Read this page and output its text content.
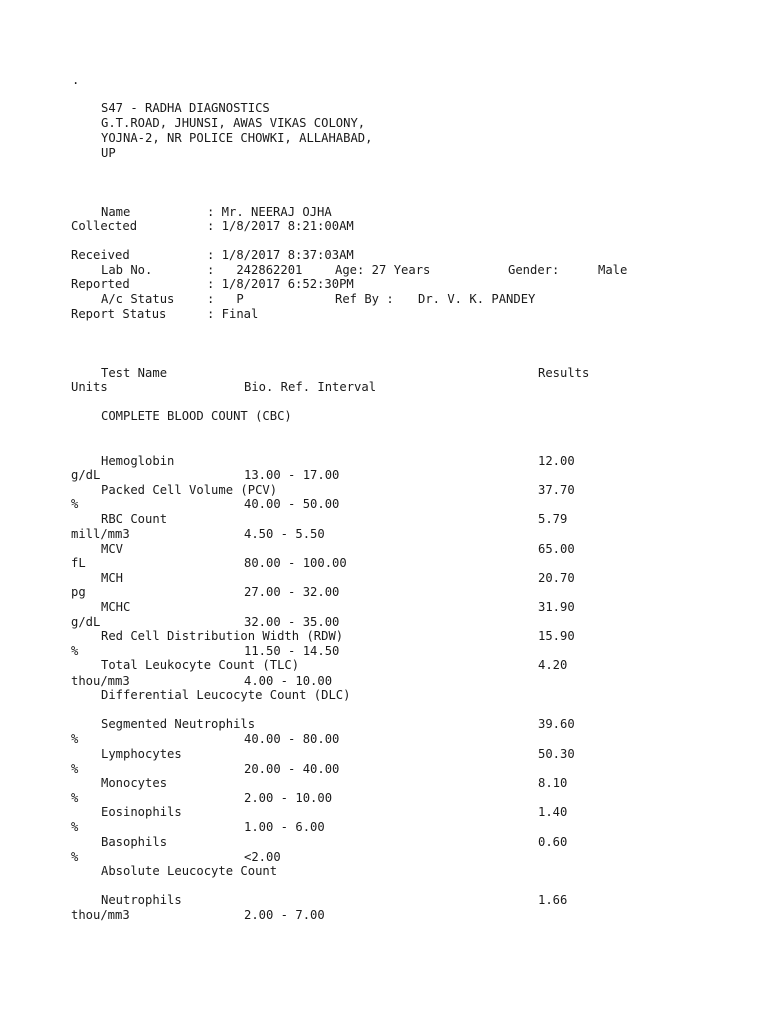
.
S47 - RADHA DIAGNOSTICS
G.T.ROAD, JHUNSI, AWAS VIKAS COLONY,
YOJNA-2, NR POLICE CHOWKI, ALLAHABAD,
UP
Name	: Mr. NEERAJ OJHA
Collected	: 1/8/2017 8:21:00AM
Received	: 1/8/2017 8:37:03AM
Lab No.	:   242862201	Age: 27 Years	Gender:	Male
Reported	: 1/8/2017 6:52:30PM
A/c Status	:   P	Ref By : Dr. V. K. PANDEY
Report Status	: Final
Test Name	Results
Units	Bio. Ref. Interval
COMPLETE BLOOD COUNT (CBC)
Hemoglobin	12.00
g/dL	13.00 - 17.00
Packed Cell Volume (PCV)	37.70
%	40.00 - 50.00
RBC Count	5.79
mill/mm3	4.50 - 5.50
MCV	65.00
fL	80.00 - 100.00
MCH	20.70
pg	27.00 - 32.00
MCHC	31.90
g/dL	32.00 - 35.00
Red Cell Distribution Width (RDW)	15.90
%	11.50 - 14.50
Total Leukocyte Count (TLC)	4.20
thou/mm3	4.00 - 10.00
Differential Leucocyte Count (DLC)
Segmented Neutrophils	39.60
%	40.00 - 80.00
Lymphocytes	50.30
%	20.00 - 40.00
Monocytes	8.10
%	2.00 - 10.00
Eosinophils	1.40
%	1.00 - 6.00
Basophils	0.60
%	<2.00
Absolute Leucocyte Count
Neutrophils	1.66
thou/mm3	2.00 - 7.00
